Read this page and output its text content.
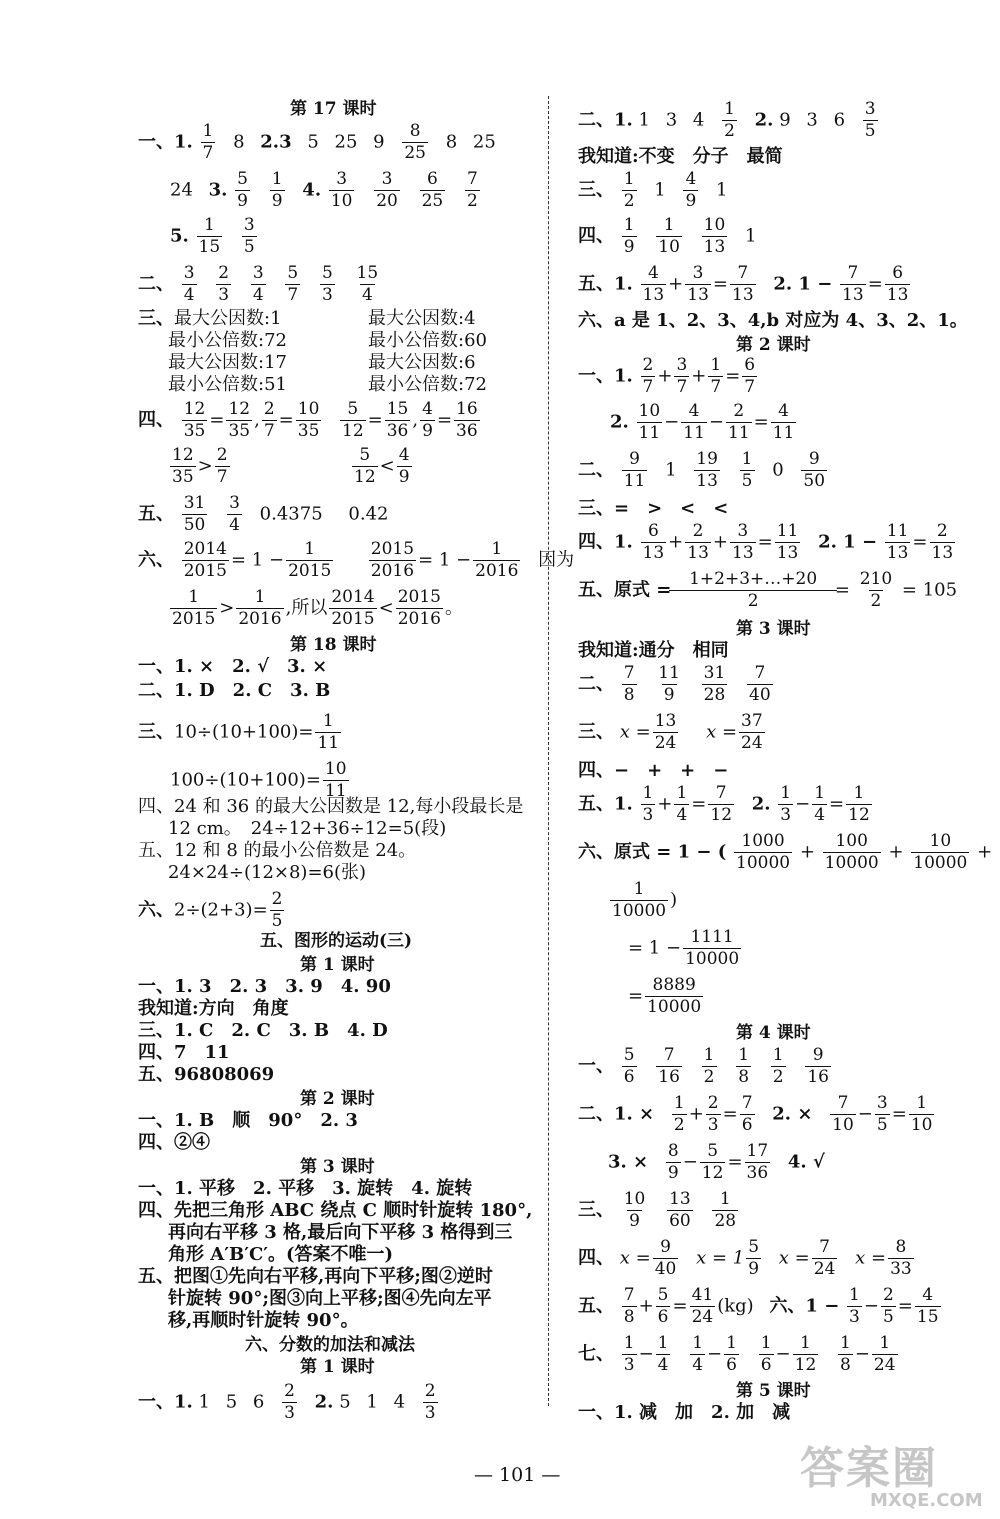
第 17 课时
一、1. $\frac{1}{7} 8$ 2.3 5 25 $9 \frac{8}{25} 8$ 25
24 3. $\frac{5}{9}$
$\frac{1}{9} 4$. $\frac{3}{10}$
$\frac{3}{20}$
$\frac{6}{25}$
$\frac{7}{2}$
5. $\frac{1}{15}$
$\frac{3}{5}$
二、 $\frac{3}{4}$
$\frac{2}{3}$
$\frac{3}{4}$
$\frac{5}{7}$
$\frac{5}{3}$
$\frac{15}{4}$
三、最大公因数:1	最大公因数:4
最小公倍数:72	最小公倍数:60
最大公因数:17	最大公因数:6
最小公倍数:51	最小公倍数:72
四、 $\frac{12}{35} = \frac{12}{35}$ , $\frac{2}{7} = \frac{10}{35} \frac{5}{12} = \frac{15}{36}$ , $\frac{4}{9} = \frac{16}{36}$
$\frac{12}{35} > \frac{2}{7}$	$\frac{5}{12} < \frac{4}{9}$
五、 $\frac{31}{50}$
$\frac{3}{4} 0.4375$ 0.42
六、 $\frac{2014}{2015} = 1 - \frac{1}{2015}$
$\frac{2015}{2016} = 1 - \frac{1}{2016}$ 因为
$\frac{1}{2015} > \frac{1}{2016}$ ,所以 $\frac{2014}{2015} < \frac{2015}{2016}$ 。
第 18 课时
一、1. ×　2. √　3. ×
二、1. D　2. C　3. B
三、$10\div(10+100)= \frac{1}{11}$
$100\div(10+100)= \frac{10}{11}$
四、24 和 36 的最大公因数是 12,每小段最长是
12 cm。　24÷12+36÷12=5(段)
五、12 和 8 的最小公倍数是 24。
24×24÷(12×8)=6(张)
六、$2\div(2+3)= \frac{2}{5}$
五、图形的运动(三)
第 1 课时
一、1. 3　2. 3　3. 9　4. 90
我知道:方向　角度
三、1. C　2. C　3. B　4. D
四、7　11
五、96808069
第 2 课时
一、1. B　顺　90°　2. 3
四、②④
第 3 课时
一、1. 平移　2. 平移　3. 旋转　4. 旋转
四、先把三角形 ABC 绕点 C 顺时针旋转 180°,
再向右平移 3 格,最后向下平移 3 格得到三
角形 A′B′C′。(答案不唯一)
五、把图①先向右平移,再向下平移;图②逆时
针旋转 90°;图③向上平移;图④先向左平
移,再顺时针旋转 90°。
六、分数的加法和减法
第 1 课时
一、1. 1 5 $6 \frac{2}{3} 2$. 5 1 $4 \frac{2}{3}$
二、1. 1 3 $4 \frac{1}{2} 2$. 9 3 $6 \frac{3}{5}$
我知道:不变　分子　最简
三、 $\frac{1}{2} 1 \frac{4}{9} 1$
四、 $\frac{1}{9}$
$\frac{1}{10}$
$\frac{10}{13} 1$
五、1. $\frac{4}{13} + \frac{3}{13} = \frac{7}{13} 2$. $1 - \frac{7}{13} = \frac{6}{13}$
六、a 是 1、2、3、4,b 对应为 4、3、2、1。
第 2 课时
一、1. $\frac{2}{7} + \frac{3}{7} + \frac{1}{7} = \frac{6}{7}$
2. $\frac{10}{11} - \frac{4}{11} - \frac{2}{11} = \frac{4}{11}$
二、 $\frac{9}{11} 1 \frac{19}{13}$
$\frac{1}{5} 0 \frac{9}{50}$
三、=　>　<　<
四、1. $\frac{6}{13} + \frac{2}{13} + \frac{3}{13} = \frac{11}{13} 2$. $1 - \frac{11}{13} = \frac{2}{13}$
五、原式 = $\frac{1+2+3+\dots+20}{2} = \frac{210}{2} = 105$
第 3 课时
我知道:通分　相同
二、 $\frac{7}{8}$
$\frac{11}{9}$
$\frac{31}{28}$
$\frac{7}{40}$
三、 $x = \frac{13}{24}$ $x = \frac{37}{24}$
四、−　+　+　−
五、1. $\frac{1}{3} + \frac{1}{4} = \frac{7}{12} 2$. $\frac{1}{3} - \frac{1}{4} = \frac{1}{12}$
六、原式 = 1 − ( $\frac{1000}{10000} + \frac{100}{10000} + \frac{10}{10000}$ +
$\frac{1}{10000}$ )
= $1 - \frac{1111}{10000}$
= $\frac{8889}{10000}$
第 4 课时
一、 $\frac{5}{6}$
$\frac{7}{16}$
$\frac{1}{2}$
$\frac{1}{8}$
$\frac{1}{2}$
$\frac{9}{16}$
二、1. × $\frac{1}{2} + \frac{2}{3} = \frac{7}{6} 2$. × $\frac{7}{10} - \frac{3}{5} = \frac{1}{10}$
3. × $\frac{8}{9} - \frac{5}{12} = \frac{17}{36} 4$. √
三、 $\frac{10}{9}$
$\frac{13}{60}$
$\frac{1}{28}$
四、 $x = \frac{9}{40}$ $x = 1 \frac{5}{9}$ $x = \frac{7}{24}$ $x = \frac{8}{33}$
五、 $\frac{7}{8} + \frac{5}{6} = \frac{41}{24} (kg)$ 六、$1 - \frac{1}{3} - \frac{2}{5} = \frac{4}{15}$
七、 $\frac{1}{3} - \frac{1}{4}$
$\frac{1}{4} - \frac{1}{6}$
$\frac{1}{6} - \frac{1}{12}$
$\frac{1}{8} - \frac{1}{24}$
第 5 课时
一、1. 减　加　2. 加　减
— 101 —	答案圈
MXQE.COM
